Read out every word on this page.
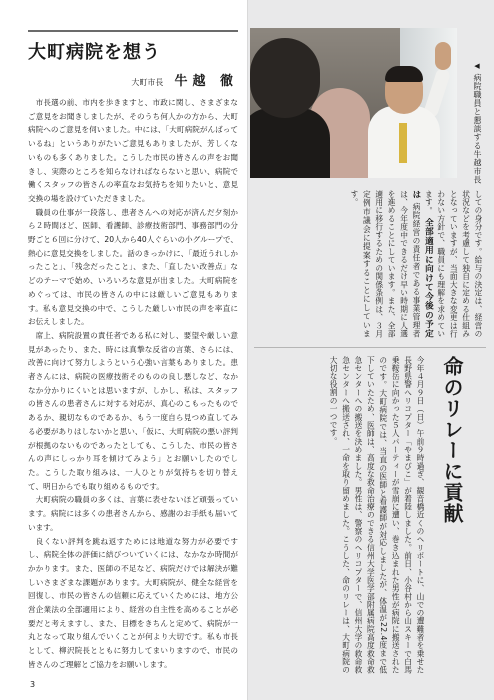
大町病院を想う
大町市長 牛越 徹

市長選の前、市内を歩きますと、市政に関し、さまざまなご意見をお聞きしましたが、そのうち何人かの方から、大町病院へのご意見を伺いました。中には、「大町病院がんばっているね」というありがたいご意見もありましたが、芳しくないものも多くありました。こうした市民の皆さんの声をお聞きし、実際のところを知らなければならないと思い、病院で働くスタッフの皆さんの率直なお気持ちを知りたいと、意見交換の場を設けていただきました。

職員の仕事が一段落し、患者さんへの対応が済んだ夕刻から２時間ほど、医師、看護師、診療技術部門、事務部門の分野ごと６回に分けて、20人から40人ぐらいの小グループで、熱心に意見交換をしました。話のきっかけに、「最近うれしかったこと」、「残念だったこと」、また、「直したい改善点」などのテーマで始め、いろいろな意見が出ました。大町病院をめぐっては、市民の皆さんの中には厳しいご意見もあります。私も意見交換の中で、こうした厳しい市民の声を率直にお伝えしました。

席上、病院設置の責任者である私に対し、要望や厳しい意見があったり、また、時には真摯な反省の言葉、さらには、改善に向けて努力しようという心強い言葉もありました。患者さんには、病院の医療技術そのものの良し悪しなど、なかなか分かりにくいとは思いますが、しかし、私は、スタッフの皆さんの患者さんに対する対応が、真心のこもったものであるか、親切なものであるか、もう一度自ら見つめ直してみる必要がありはしないかと思い、「仮に、大町病院の悪い評判が根拠のないものであったとしても、こうした、市民の皆さんの声にしっかり耳を傾けてみよう」とお願いしたのでした。こうした取り組みは、一人ひとりが気持ちを切り替えて、明日からでも取り組めるものです。

大町病院の職員の多くは、言葉に表せないほど頑張っています。病院には多くの患者さんから、感謝のお手紙も届いています。

良くない評判を跳ね返すためには地道な努力が必要ですし、病院全体の評価に結びついていくには、なかなか時間がかかります。また、医師の不足など、病院だけでは解決が難しいさまざまな課題があります。大町病院が、健全な経営を回復し、市民の皆さんの信頼に応えていくためには、地方公営企業法の全部適用により、経営の自主性を高めることが必要だと考えますし、また、目標をきちんと定めて、病院が一丸となって取り組んでいくことが何より大切です。私も市長として、柳沢院長とともに努力してまいりますので、市民の皆さんのご理解とご協力をお願いします。

3
◀ 病院職員と懇談する牛越市長
しての身分です。給与の決定は、経営の状況などを考慮して独自に定める仕組みとなっていますが、当面大きな変更は行わない方針で、職員にも理解を求めています。 全部適用に向けて今後の予定は 病院経営の責任者である事業管理者は、今年度中できるだけ早い時期に人選を進めることにしています。また、全部適用に移行するための関係条例は、３月定例市議会に提案することにしています。
命のリレーに貢献
今年４月９日（日）午前９時過ぎ、観音橋近くのヘリポートに、山での遭難者を乗せた長野県警へリコプター「やまびこ」が着陸しました。前日、小谷村から山スキーで白馬乗鞍岳に向かった５人パーティーが雪崩に遭い、巻き込まれた男性が病院に搬送されたのです。大町病院では、当直の医師と看護師が対応しましたが、体温が22.4度まで低下していたため、医師は、高度な救命治療のできる信州大学医学部附属病院高度救命救急センターへの搬送を決めました。男性は、警察のヘリコプターで、信州大学の救命救急センターへ搬送され、一命を取り留めました。こうした、命のリレーは、大町病院の大切な役割の一つです。
